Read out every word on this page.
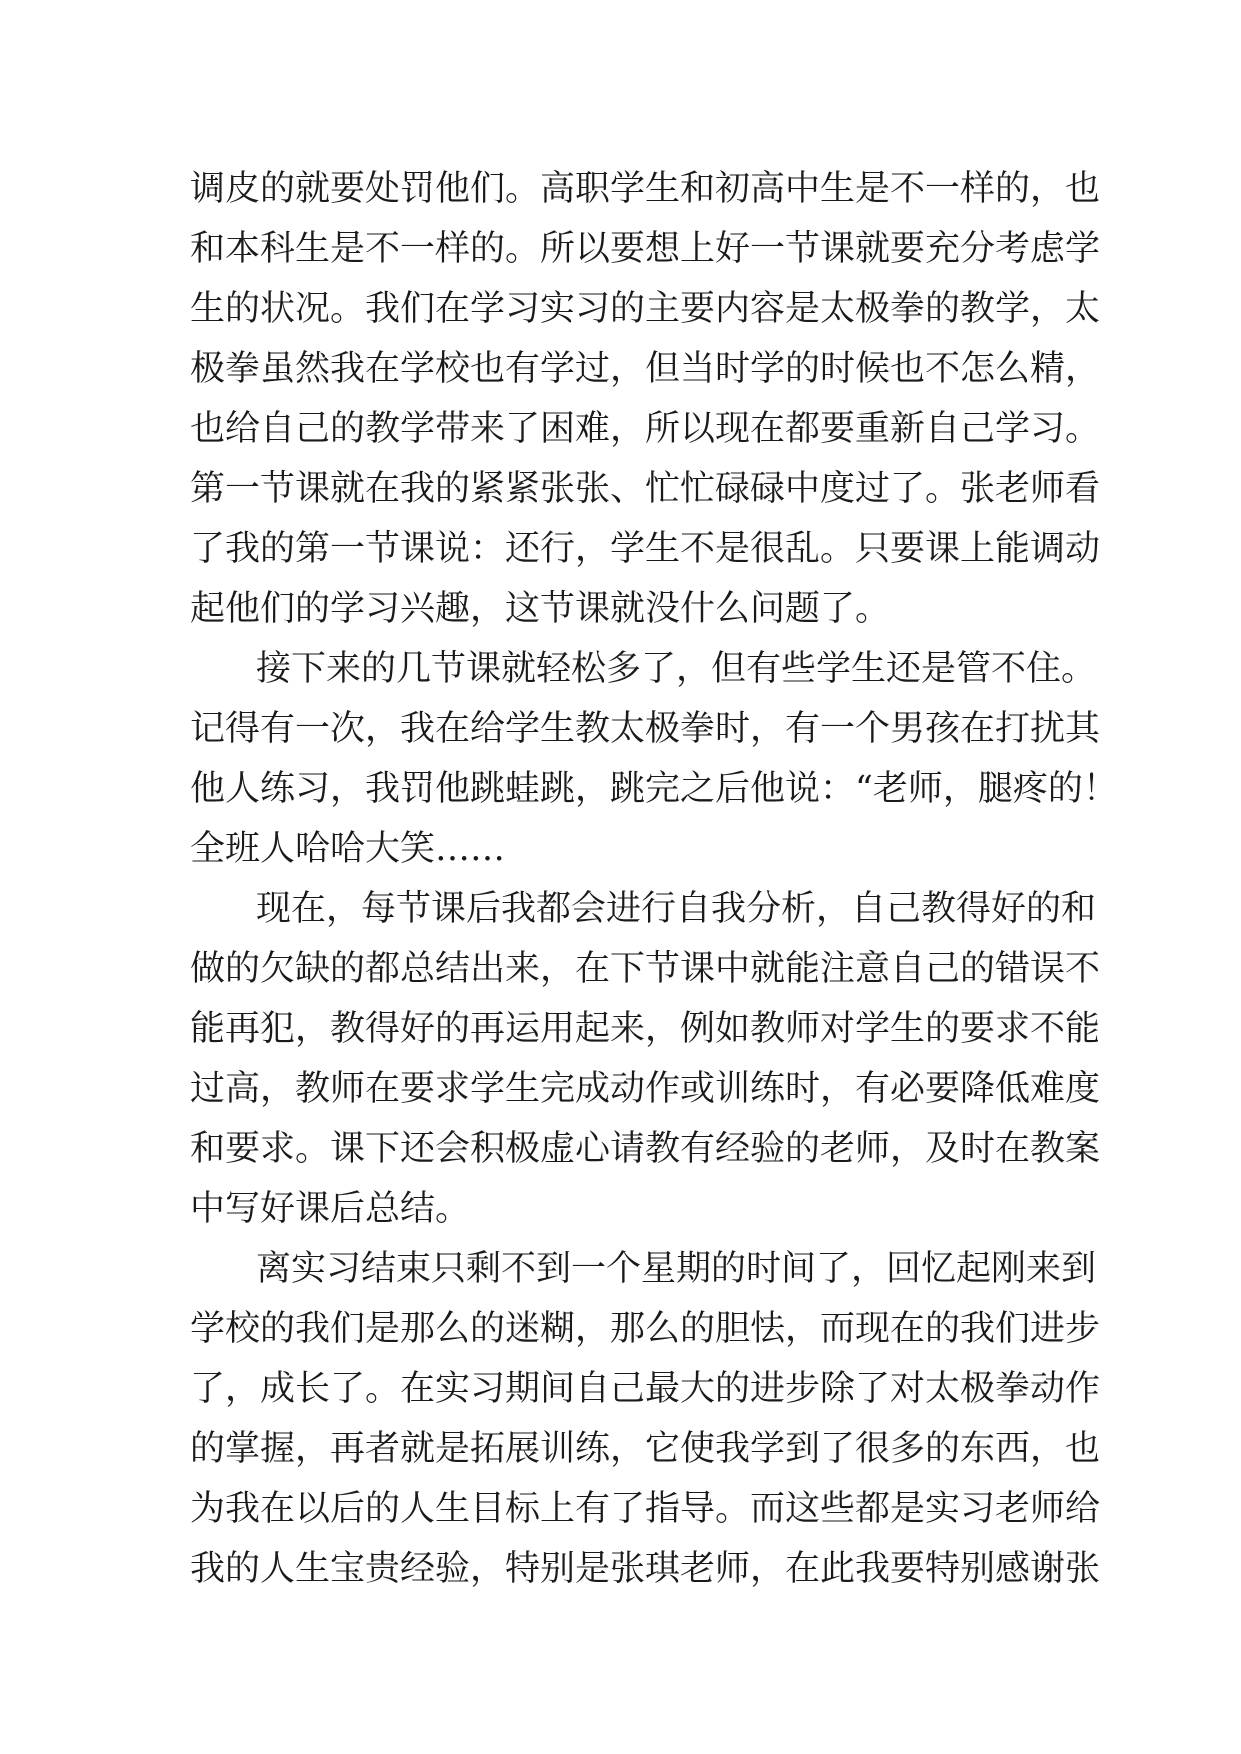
调皮的就要处罚他们。高职学生和初高中生是不一样的，也
和本科生是不一样的。所以要想上好一节课就要充分考虑学
生的状况。我们在学习实习的主要内容是太极拳的教学，太
极拳虽然我在学校也有学过，但当时学的时候也不怎么精，
也给自己的教学带来了困难，所以现在都要重新自己学习。
第一节课就在我的紧紧张张、忙忙碌碌中度过了。张老师看
了我的第一节课说：还行，学生不是很乱。只要课上能调动
起他们的学习兴趣，这节课就没什么问题了。
接下来的几节课就轻松多了，但有些学生还是管不住。
记得有一次，我在给学生教太极拳时，有一个男孩在打扰其
他人练习，我罚他跳蛙跳，跳完之后他说：“老师，腿疼的！
全班人哈哈大笑……
现在，每节课后我都会进行自我分析，自己教得好的和
做的欠缺的都总结出来，在下节课中就能注意自己的错误不
能再犯，教得好的再运用起来，例如教师对学生的要求不能
过高，教师在要求学生完成动作或训练时，有必要降低难度
和要求。课下还会积极虚心请教有经验的老师，及时在教案
中写好课后总结。
离实习结束只剩不到一个星期的时间了，回忆起刚来到
学校的我们是那么的迷糊，那么的胆怯，而现在的我们进步
了，成长了。在实习期间自己最大的进步除了对太极拳动作
的掌握，再者就是拓展训练，它使我学到了很多的东西，也
为我在以后的人生目标上有了指导。而这些都是实习老师给
我的人生宝贵经验，特别是张琪老师，在此我要特别感谢张
